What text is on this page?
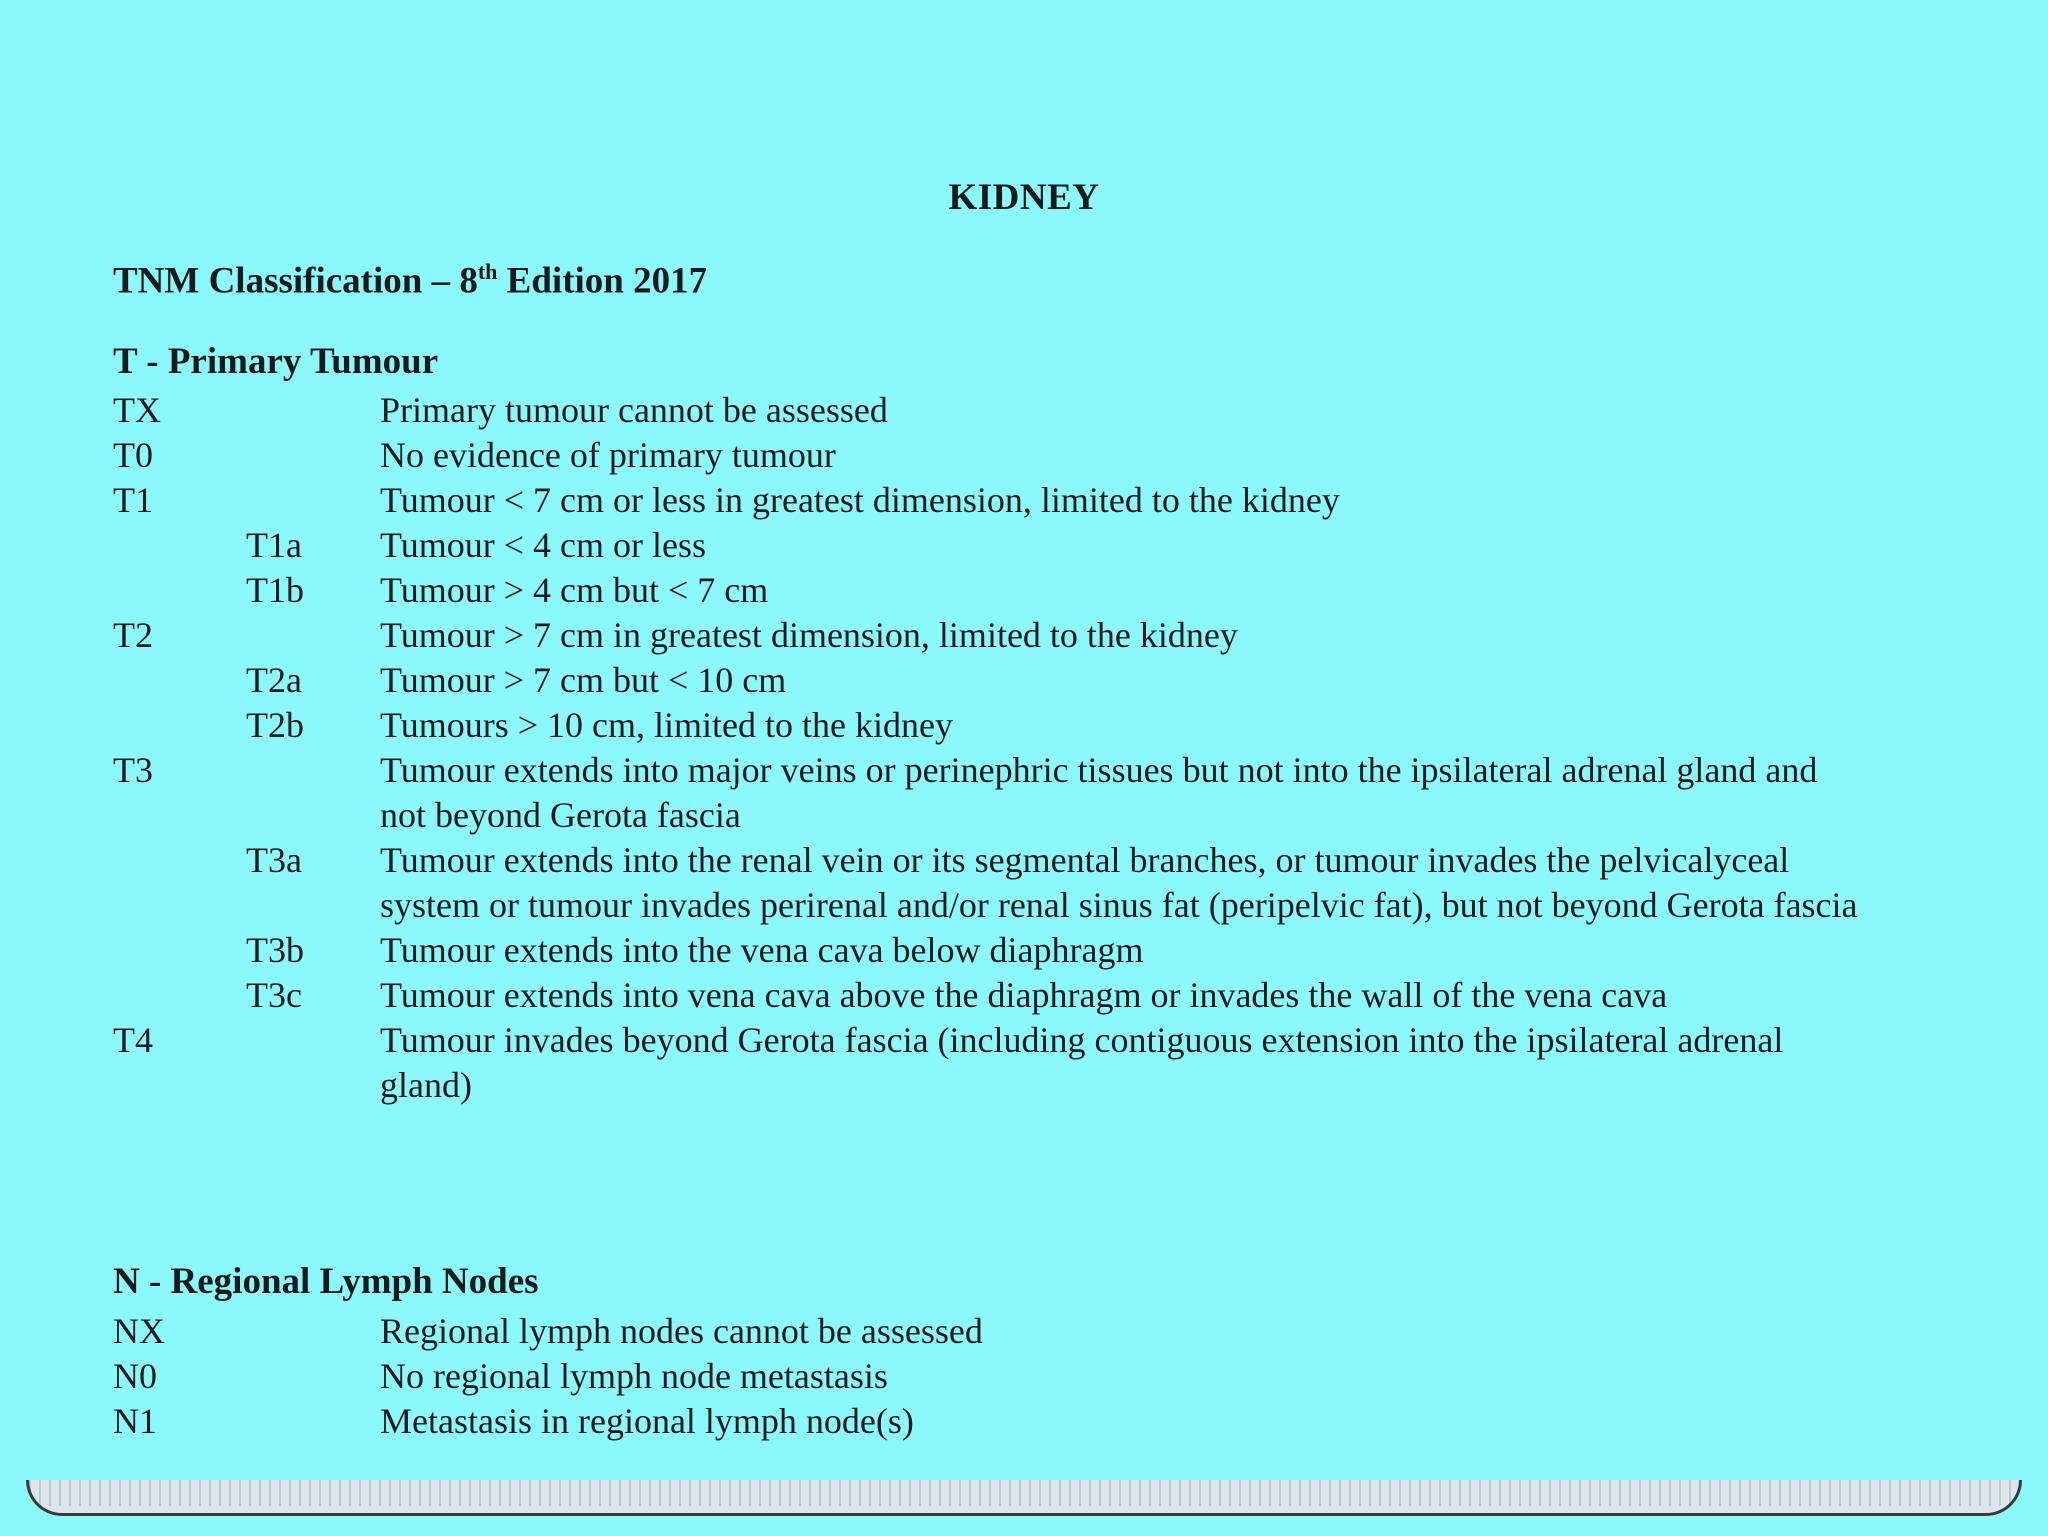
KIDNEY
TNM Classification – 8th Edition 2017
T - Primary Tumour
TX	Primary tumour cannot be assessed
T0	No evidence of primary tumour
T1	Tumour < 7 cm or less in greatest dimension, limited to the kidney
T1a Tumour < 4 cm or less
T1b Tumour > 4 cm but < 7 cm
T2	Tumour > 7 cm in greatest dimension, limited to the kidney
T2a Tumour > 7 cm but < 10 cm
T2b Tumours > 10 cm, limited to the kidney
T3	Tumour extends into major veins or perinephric tissues but not into the ipsilateral adrenal gland and not beyond Gerota fascia
T3a Tumour extends into the renal vein or its segmental branches, or tumour invades the pelvicalyceal system or tumour invades perirenal and/or renal sinus fat (peripelvic fat), but not beyond Gerota fascia
T3b Tumour extends into the vena cava below diaphragm
T3c Tumour extends into vena cava above the diaphragm or invades the wall of the vena cava
T4	Tumour invades beyond Gerota fascia (including contiguous extension into the ipsilateral adrenal gland)
N - Regional Lymph Nodes
NX	Regional lymph nodes cannot be assessed
N0	No regional lymph node metastasis
N1	Metastasis in regional lymph node(s)
